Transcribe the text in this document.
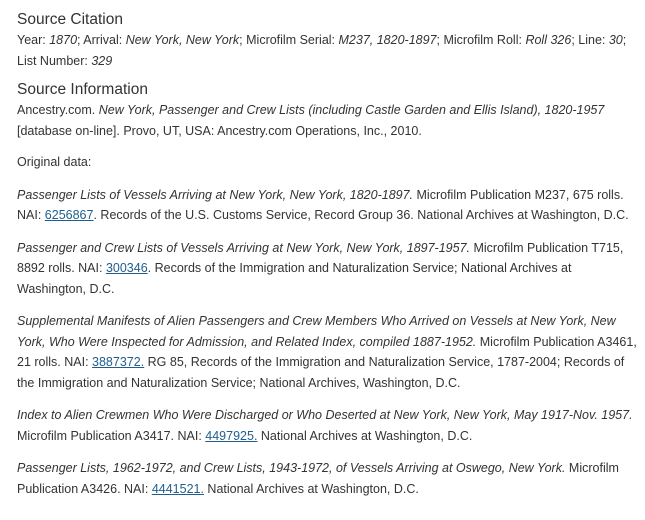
Source Citation

Year: 1870; Arrival: New York, New York; Microfilm Serial: M237, 1820-1897; Microfilm Roll: Roll 326; Line: 30; List Number: 329

Source Information

Ancestry.com. New York, Passenger and Crew Lists (including Castle Garden and Ellis Island), 1820-1957 [database on-line]. Provo, UT, USA: Ancestry.com Operations, Inc., 2010.

Original data:

Passenger Lists of Vessels Arriving at New York, New York, 1820-1897. Microfilm Publication M237, 675 rolls. NAI: 6256867. Records of the U.S. Customs Service, Record Group 36. National Archives at Washington, D.C.

Passenger and Crew Lists of Vessels Arriving at New York, New York, 1897-1957. Microfilm Publication T715, 8892 rolls. NAI: 300346. Records of the Immigration and Naturalization Service; National Archives at Washington, D.C.

Supplemental Manifests of Alien Passengers and Crew Members Who Arrived on Vessels at New York, New York, Who Were Inspected for Admission, and Related Index, compiled 1887-1952. Microfilm Publication A3461, 21 rolls. NAI: 3887372. RG 85, Records of the Immigration and Naturalization Service, 1787-2004; Records of the Immigration and Naturalization Service; National Archives, Washington, D.C.

Index to Alien Crewmen Who Were Discharged or Who Deserted at New York, New York, May 1917-Nov. 1957. Microfilm Publication A3417. NAI: 4497925. National Archives at Washington, D.C.

Passenger Lists, 1962-1972, and Crew Lists, 1943-1972, of Vessels Arriving at Oswego, New York. Microfilm Publication A3426. NAI: 4441521. National Archives at Washington, D.C.
